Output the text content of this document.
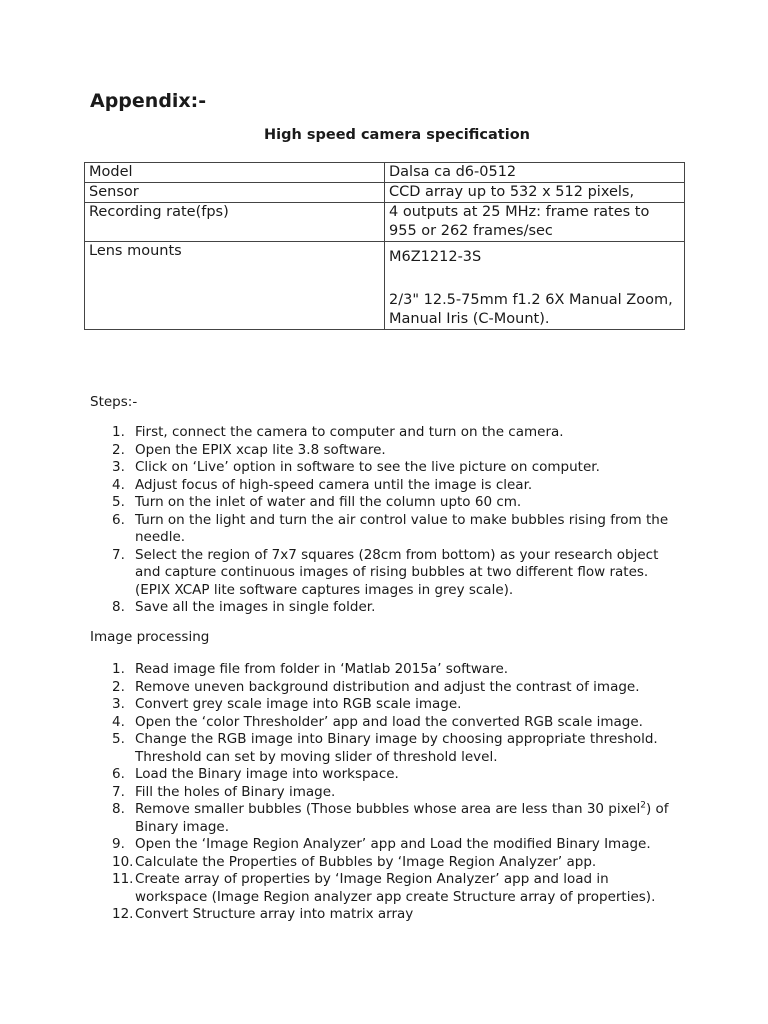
Appendix:-
High speed camera specification
Model	Dalsa ca d6-0512
Sensor	CCD array up to 532 x 512 pixels,
Recording rate(fps)	4 outputs at 25 MHz: frame rates to 955 or 262 frames/sec
Lens mounts	M6Z1212-3S

2/3" 12.5-75mm f1.2 6X Manual Zoom, Manual Iris (C-Mount).

Steps:-

1. First, connect the camera to computer and turn on the camera.
2. Open the EPIX xcap lite 3.8 software.
3. Click on ‘Live’ option in software to see the live picture on computer.
4. Adjust focus of high-speed camera until the image is clear.
5. Turn on the inlet of water and fill the column upto 60 cm.
6. Turn on the light and turn the air control value to make bubbles rising from the needle.
7. Select the region of 7x7 squares (28cm from bottom) as your research object and capture continuous images of rising bubbles at two different flow rates. (EPIX XCAP lite software captures images in grey scale).
8. Save all the images in single folder.

Image processing

1. Read image file from folder in ‘Matlab 2015a’ software.
2. Remove uneven background distribution and adjust the contrast of image.
3. Convert grey scale image into RGB scale image.
4. Open the ‘color Thresholder’ app and load the converted RGB scale image.
5. Change the RGB image into Binary image by choosing appropriate threshold. Threshold can set by moving slider of threshold level.
6. Load the Binary image into workspace.
7. Fill the holes of Binary image.
8. Remove smaller bubbles (Those bubbles whose area are less than 30 pixel$^2$) of Binary image.
9. Open the ‘Image Region Analyzer’ app and Load the modified Binary Image.
10. Calculate the Properties of Bubbles by ‘Image Region Analyzer’ app.
11. Create array of properties by ‘Image Region Analyzer’ app and load in workspace (Image Region analyzer app create Structure array of properties).
12. Convert Structure array into matrix array
